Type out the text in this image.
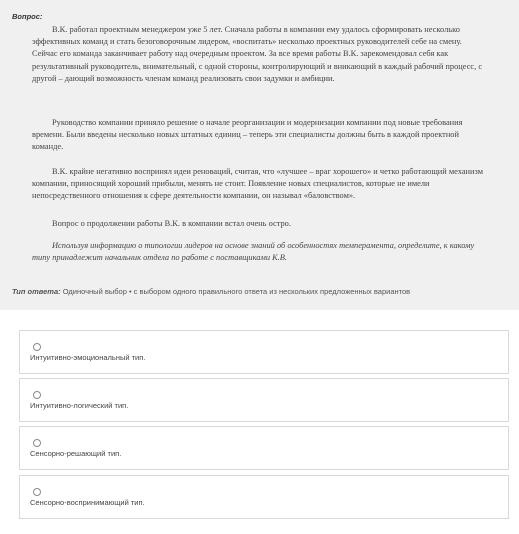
Вопрос:

В.К. работал проектным менеджером уже 5 лет. Сначала работы в компании ему удалось сформировать несколько эффективных команд и стать безоговорочным лидером, «воспитать» несколько проектных руководителей себе на смену. Сейчас его команда заканчивает работу над очередным проектом. За все время работы В.К. зарекомендовал себя как результативный руководитель, внимательный, с одной стороны, контролирующий и вникающий в каждый рабочий процесс, с другой – дающий возможность членам команд реализовать свои задумки и амбиции.

Руководство компании приняло решение о начале реорганизации и модернизации компании под новые требования времени. Были введены несколько новых штатных единиц – теперь эти специалисты должны быть в каждой проектной команде.

В.К. крайне негативно воспринял идеи реноваций, считая, что «лучшее – враг хорошего» и четко работающий механизм компании, приносящий хороший прибыли, менять не стоит. Появление новых специалистов, которые не имели непосредственного отношения к сфере деятельности компании, он называл «баловством».

Вопрос о продолжении работы В.К. в компании встал очень остро.

Используя информацию о типологии лидеров на основе знаний об особенностях темперамента, определите, к какому типу принадлежит начальник отдела по работе с поставщиками К.В.

Тип ответа: Одиночный выбор • с выбором одного правильного ответа из нескольких предложенных вариантов
Интуитивно-эмоциональный тип.
Интуитивно-логический тип.
Сенсорно-решающий тип.
Сенсорно-воспринимающий тип.
